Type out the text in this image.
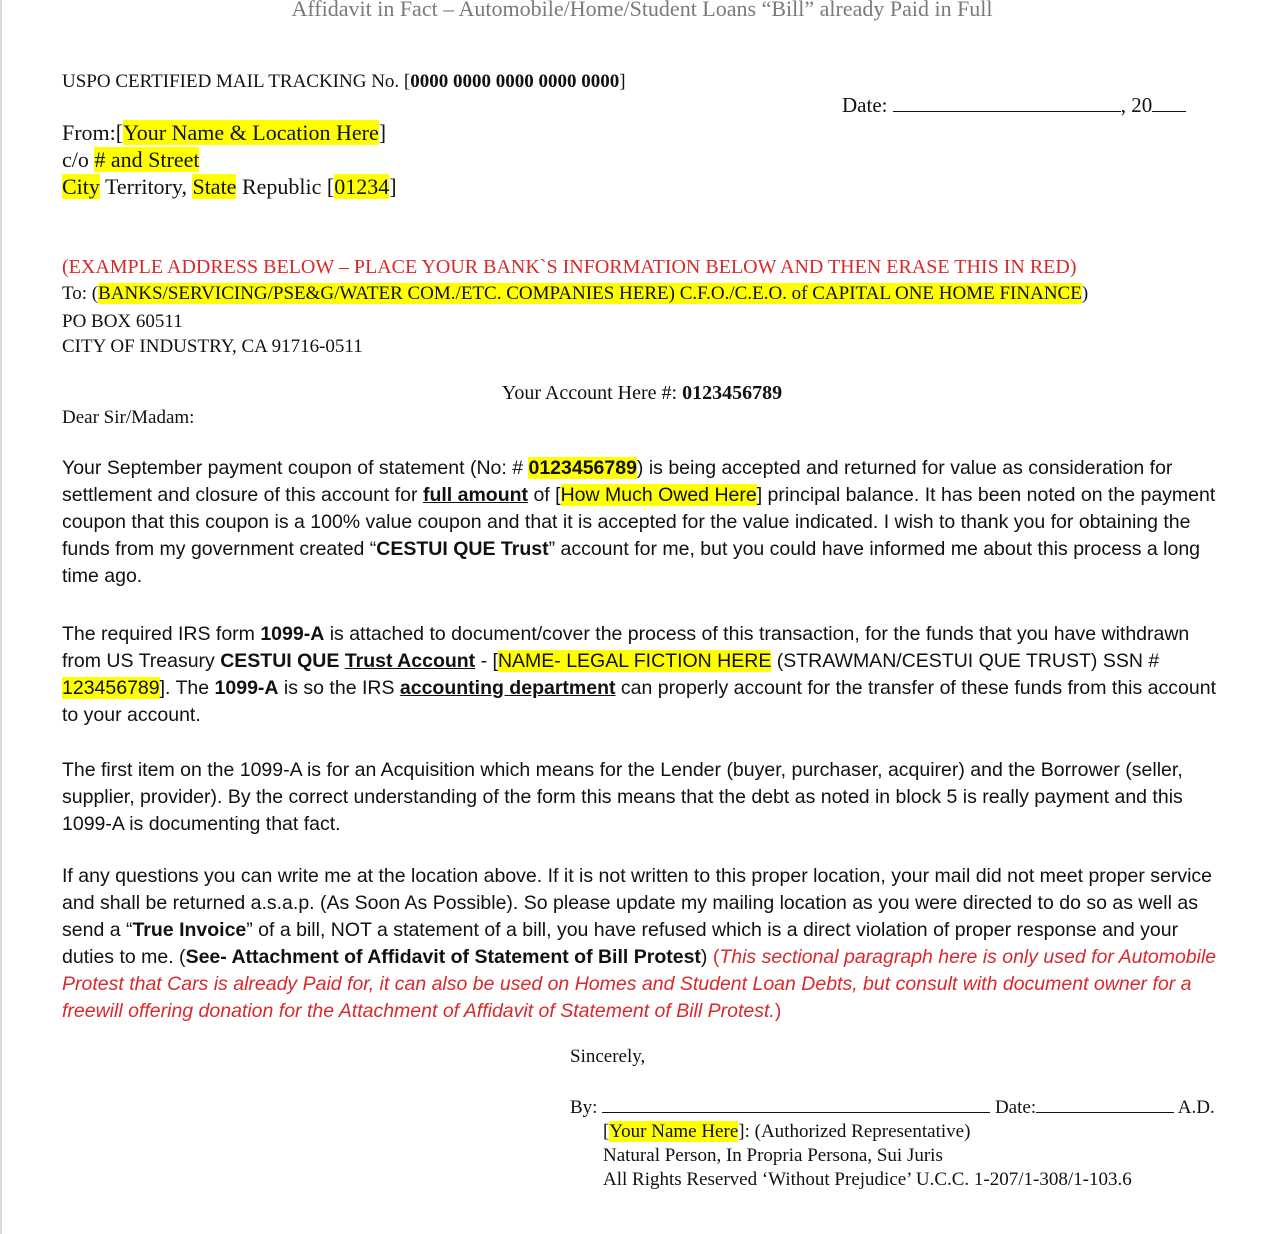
Affidavit in Fact – Automobile/Home/Student Loans “Bill” already Paid in Full
USPO CERTIFIED MAIL TRACKING No. [0000 0000 0000 0000 0000]
Date:	, 20
From:[Your Name & Location Here]
c/o # and Street
City Territory, State Republic [01234]
(EXAMPLE ADDRESS BELOW – PLACE YOUR BANK`S INFORMATION BELOW AND THEN ERASE THIS IN RED)
To: (BANKS/SERVICING/PSE&G/WATER COM./ETC. COMPANIES HERE) C.F.O./C.E.O. of CAPITAL ONE HOME FINANCE)
PO BOX 60511
CITY OF INDUSTRY, CA 91716-0511
Your Account Here #: 0123456789
Dear Sir/Madam:
Your September payment coupon of statement (No: # 0123456789) is being accepted and returned for value as consideration for settlement and closure of this account for full amount of [How Much Owed Here] principal balance. It has been noted on the payment coupon that this coupon is a 100% value coupon and that it is accepted for the value indicated. I wish to thank you for obtaining the funds from my government created “CESTUI QUE Trust” account for me, but you could have informed me about this process a long time ago.
The required IRS form 1099-A is attached to document/cover the process of this transaction, for the funds that you have withdrawn from US Treasury CESTUI QUE Trust Account - [NAME- LEGAL FICTION HERE (STRAWMAN/CESTUI QUE TRUST) SSN # 123456789]. The 1099-A is so the IRS accounting department can properly account for the transfer of these funds from this account to your account.
The first item on the 1099-A is for an Acquisition which means for the Lender (buyer, purchaser, acquirer) and the Borrower (seller, supplier, provider). By the correct understanding of the form this means that the debt as noted in block 5 is really payment and this 1099-A is documenting that fact.
If any questions you can write me at the location above. If it is not written to this proper location, your mail did not meet proper service and shall be returned a.s.a.p. (As Soon As Possible). So please update my mailing location as you were directed to do so as well as send a “True Invoice” of a bill, NOT a statement of a bill, you have refused which is a direct violation of proper response and your duties to me. (See- Attachment of Affidavit of Statement of Bill Protest) (This sectional paragraph here is only used for Automobile Protest that Cars is already Paid for, it can also be used on Homes and Student Loan Debts, but consult with document owner for a freewill offering donation for the Attachment of Affidavit of Statement of Bill Protest.)
Sincerely,
By:	Date:	A.D.
[Your Name Here]: (Authorized Representative)
Natural Person, In Propria Persona, Sui Juris
All Rights Reserved ‘Without Prejudice’ U.C.C. 1-207/1-308/1-103.6
